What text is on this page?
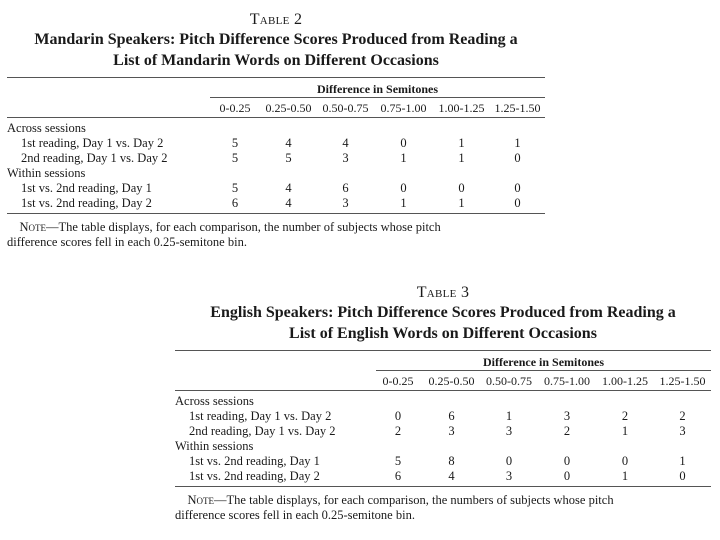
Table 2
Mandarin Speakers: Pitch Difference Scores Produced from Reading a
List of Mandarin Words on Different Occasions
Difference in Semitones
	0-0.25	0.25-0.50	0.50-0.75	0.75-1.00	1.00-1.25	1.25-1.50
Across sessions						
1st reading, Day 1 vs. Day 2	5	4	4	0	1	1
2nd reading, Day 1 vs. Day 2	5	5	3	1	1	0
Within sessions						
1st vs. 2nd reading, Day 1	5	4	6	0	0	0
1st vs. 2nd reading, Day 2	6	4	3	1	1	0

Note—The table displays, for each comparison, the number of subjects whose pitch

difference scores fell in each 0.25-semitone bin.

Table 3
English Speakers: Pitch Difference Scores Produced from Reading a
List of English Words on Different Occasions
Difference in Semitones
	0-0.25	0.25-0.50	0.50-0.75	0.75-1.00	1.00-1.25	1.25-1.50
Across sessions						
1st reading, Day 1 vs. Day 2	0	6	1	3	2	2
2nd reading, Day 1 vs. Day 2	2	3	3	2	1	3
Within sessions						
1st vs. 2nd reading, Day 1	5	8	0	0	0	1
1st vs. 2nd reading, Day 2	6	4	3	0	1	0

Note—The table displays, for each comparison, the numbers of subjects whose pitch

difference scores fell in each 0.25-semitone bin.
